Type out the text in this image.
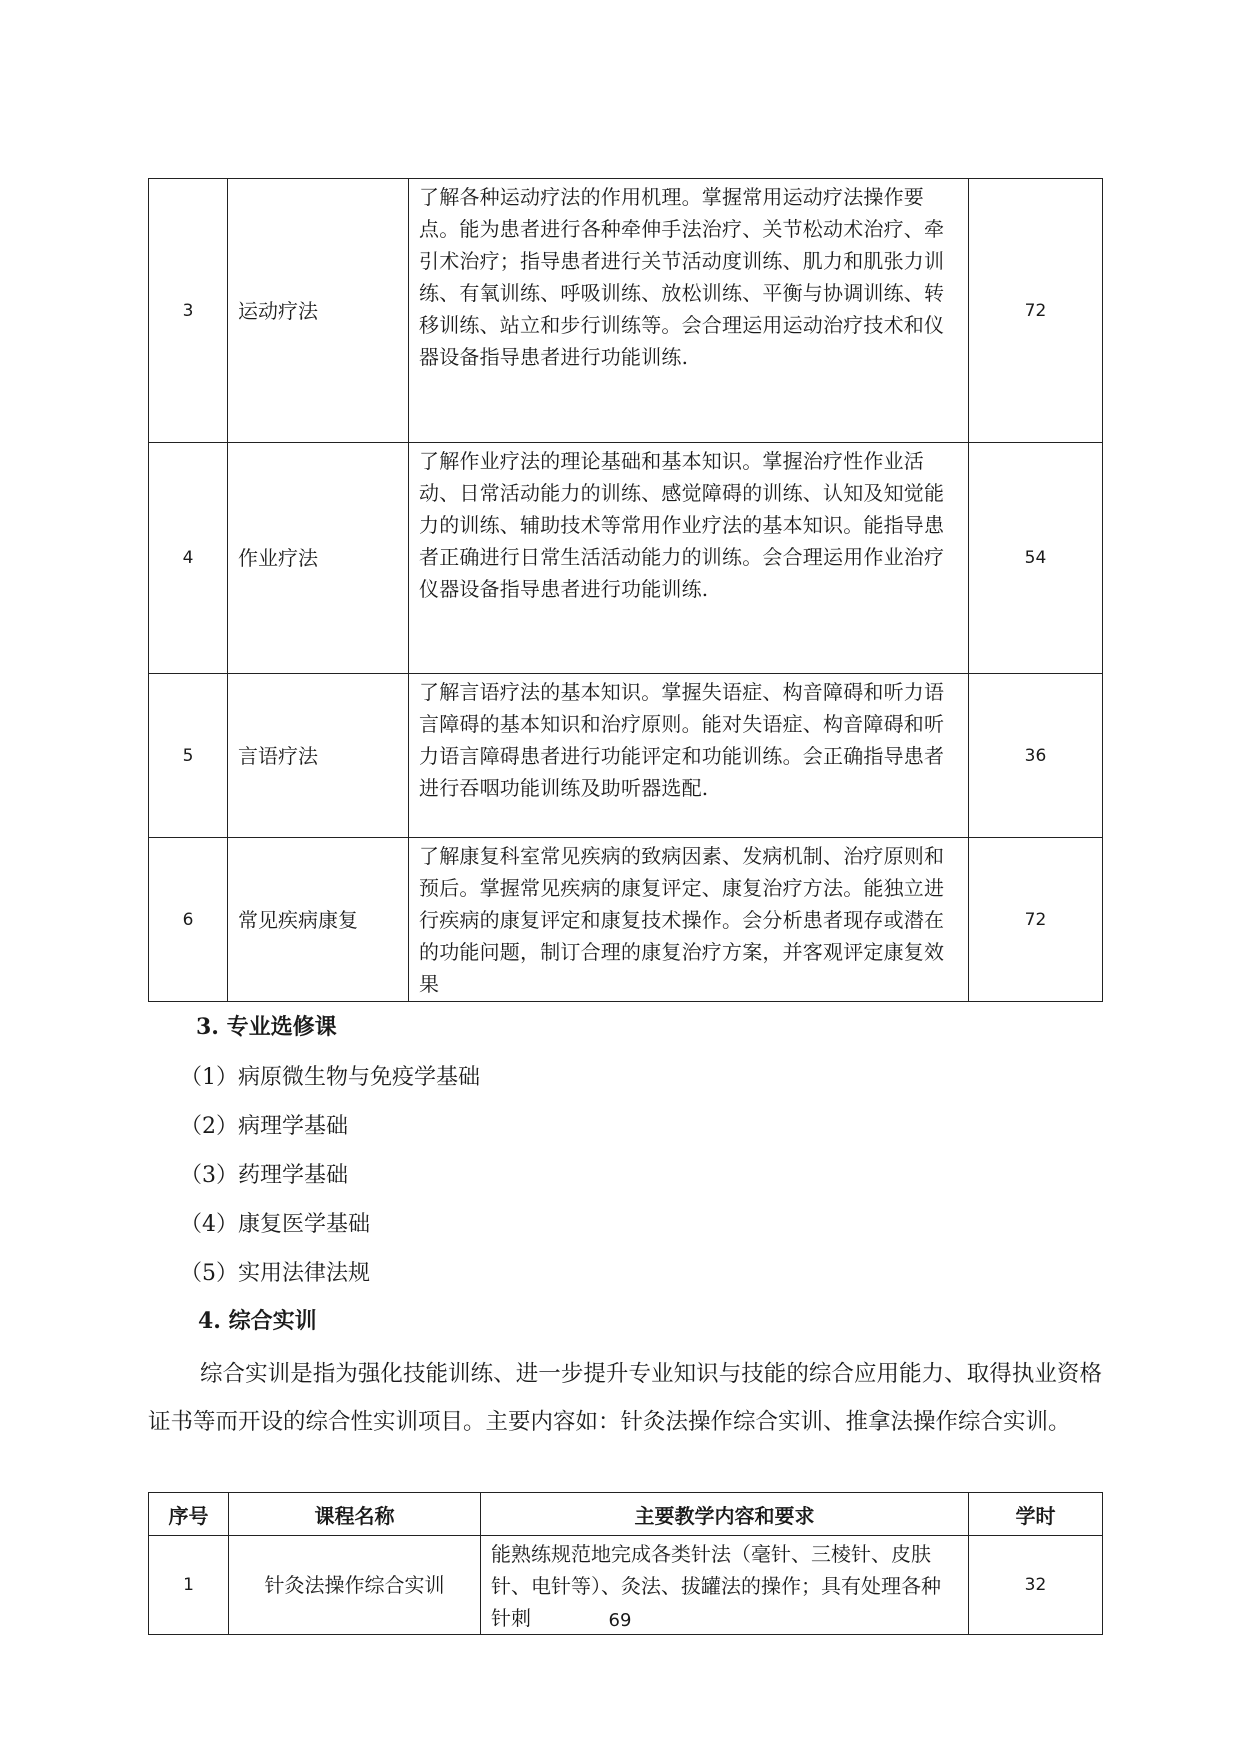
3	运动疗法	了解各种运动疗法的作用机理。掌握常用运动疗法操作要点。能为患者进行各种牵伸手法治疗、关节松动术治疗、牵引术治疗；指导患者进行关节活动度训练、肌力和肌张力训练、有氧训练、呼吸训练、放松训练、平衡与协调训练、转移训练、站立和步行训练等。会合理运用运动治疗技术和仪器设备指导患者进行功能训练.	72
4	作业疗法	了解作业疗法的理论基础和基本知识。掌握治疗性作业活动、日常活动能力的训练、感觉障碍的训练、认知及知觉能力的训练、辅助技术等常用作业疗法的基本知识。能指导患者正确进行日常生活活动能力的训练。会合理运用作业治疗仪器设备指导患者进行功能训练.	54
5	言语疗法	了解言语疗法的基本知识。掌握失语症、构音障碍和听力语言障碍的基本知识和治疗原则。能对失语症、构音障碍和听力语言障碍患者进行功能评定和功能训练。会正确指导患者进行吞咽功能训练及助听器选配.	36
6	常见疾病康复	了解康复科室常见疾病的致病因素、发病机制、治疗原则和预后。掌握常见疾病的康复评定、康复治疗方法。能独立进行疾病的康复评定和康复技术操作。会分析患者现存或潜在的功能问题，制订合理的康复治疗方案，并客观评定康复效果	72
3. 专业选修课
（1）病原微生物与免疫学基础
（2）病理学基础
（3）药理学基础
（4）康复医学基础
（5）实用法律法规
4. 综合实训
综合实训是指为强化技能训练、进一步提升专业知识与技能的综合应用能力、取得执业资格证书等而开设的综合性实训项目。主要内容如：针灸法操作综合实训、推拿法操作综合实训。
序号	课程名称	主要教学内容和要求	学时
1	针灸法操作综合实训	能熟练规范地完成各类针法（毫针、三棱针、皮肤针、电针等）、灸法、拔罐法的操作；具有处理各种针刺	32
69
